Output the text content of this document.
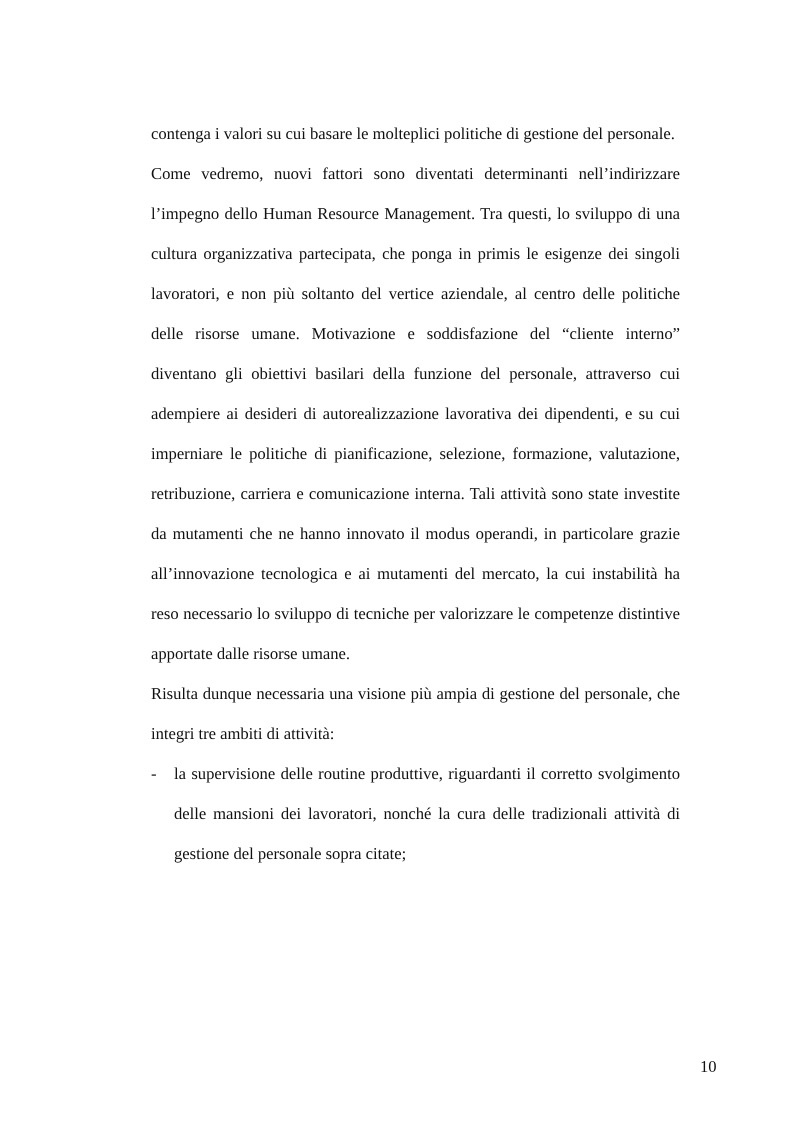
contenga i valori su cui basare le molteplici politiche di gestione del personale.

Come vedremo, nuovi fattori sono diventati determinanti nell’indirizzare l’impegno dello Human Resource Management. Tra questi, lo sviluppo di una cultura organizzativa partecipata, che ponga in primis le esigenze dei singoli lavoratori, e non più soltanto del vertice aziendale, al centro delle politiche delle risorse umane. Motivazione e soddisfazione del “cliente interno” diventano gli obiettivi basilari della funzione del personale, attraverso cui adempiere ai desideri di autorealizzazione lavorativa dei dipendenti, e su cui imperniare le politiche di pianificazione, selezione, formazione, valutazione, retribuzione, carriera e comunicazione interna. Tali attività sono state investite da mutamenti che ne hanno innovato il modus operandi, in particolare grazie all’innovazione tecnologica e ai mutamenti del mercato, la cui instabilità ha reso necessario lo sviluppo di tecniche per valorizzare le competenze distintive apportate dalle risorse umane.

Risulta dunque necessaria una visione più ampia di gestione del personale, che integri tre ambiti di attività:

- la supervisione delle routine produttive, riguardanti il corretto svolgimento delle mansioni dei lavoratori, nonché la cura delle tradizionali attività di gestione del personale sopra citate;
10
